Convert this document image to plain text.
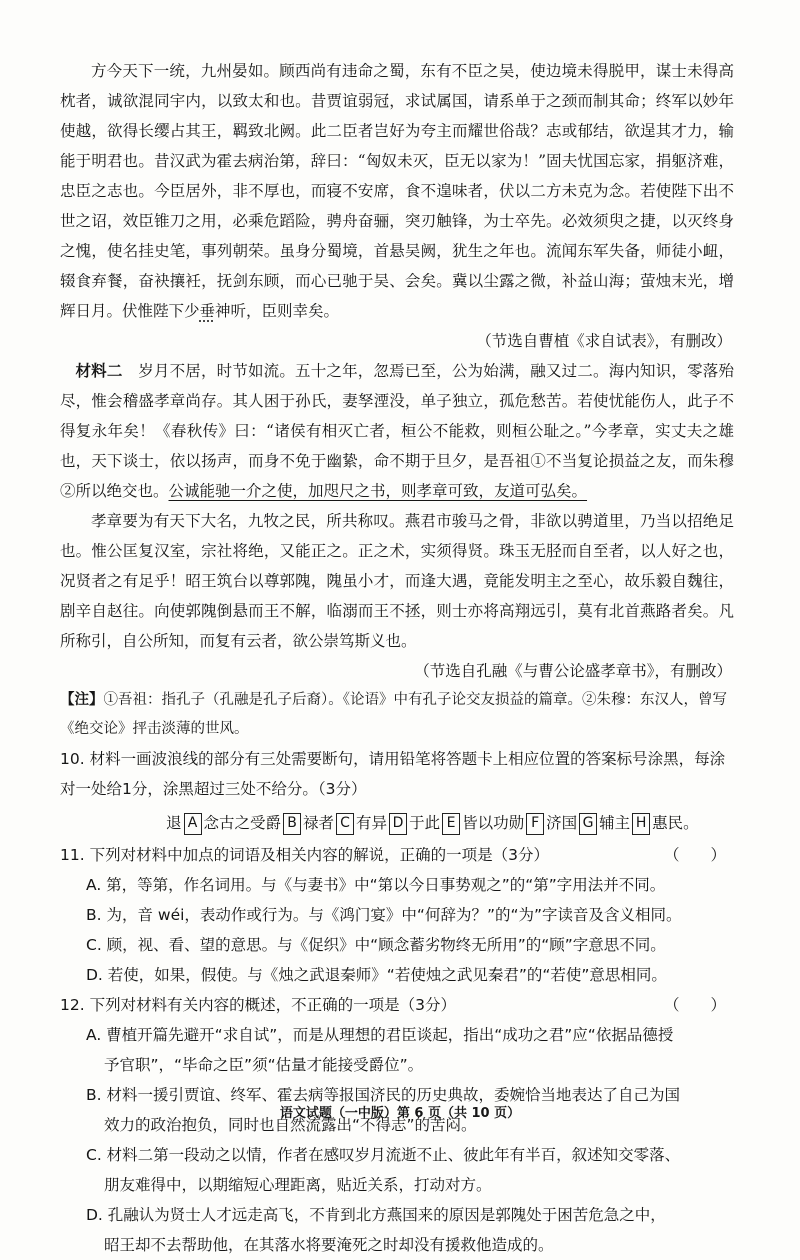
方今天下一统，九州晏如。顾西尚有违命之蜀，东有不臣之吴，使边境未得脱甲，谋士未得高枕者，诚欲混同宇内，以致太和也。昔贾谊弱冠，求试属国，请系单于之颈而制其命；终军以妙年使越，欲得长缨占其王，羁致北阙。此二臣者岂好为夸主而耀世俗哉？志或郁结，欲逞其才力，输能于明君也。昔汉武为霍去病治第，辞曰：“匈奴未灭，臣无以家为！”固夫忧国忘家，捐躯济难，忠臣之志也。今臣居外，非不厚也，而寝不安席，食不遑味者，伏以二方未克为念。若使陛下出不世之诏，效臣锥刀之用，必乘危蹈险，骋舟奋骊，突刃触锋，为士卒先。必效须臾之捷，以灭终身之愧，使名挂史笔，事列朝荣。虽身分蜀境，首悬吴阙，犹生之年也。流闻东军失备，师徒小衄，辍食弃餐，奋袂攘衽，抚剑东顾，而心已驰于吴、会矣。冀以尘露之微，补益山海；萤烛末光，增辉日月。伏惟陛下少垂神听，臣则幸矣。

（节选自曹植《求自试表》，有删改）

材料二　岁月不居，时节如流。五十之年，忽焉已至，公为始满，融又过二。海内知识，零落殆尽，惟会稽盛孝章尚存。其人困于孙氏，妻孥湮没，单子独立，孤危愁苦。若使忧能伤人，此子不得复永年矣！《春秋传》曰：“诸侯有相灭亡者，桓公不能救，则桓公耻之。”今孝章，实丈夫之雄也，天下谈士，依以扬声，而身不免于幽絷，命不期于旦夕，是吾祖①不当复论损益之友，而朱穆②所以绝交也。公诚能驰一介之使，加咫尺之书，则孝章可致，友道可弘矣。

孝章要为有天下大名，九牧之民，所共称叹。燕君市骏马之骨，非欲以骋道里，乃当以招绝足也。惟公匡复汉室，宗社将绝，又能正之。正之术，实须得贤。珠玉无胫而自至者，以人好之也，况贤者之有足乎！昭王筑台以尊郭隗，隗虽小才，而逢大遇，竟能发明主之至心，故乐毅自魏往，剧辛自赵往。向使郭隗倒悬而王不解，临溺而王不拯，则士亦将高翔远引，莫有北首燕路者矣。凡所称引，自公所知，而复有云者，欲公崇笃斯义也。

（节选自孔融《与曹公论盛孝章书》，有删改）

【注】①吾祖：指孔子（孔融是孔子后裔）。《论语》中有孔子论交友损益的篇章。②朱穆：东汉人，曾写《绝交论》抨击淡薄的世风。

10. 材料一画波浪线的部分有三处需要断句，请用铅笔将答题卡上相应位置的答案标号涂黑，每涂对一处给1分，涂黑超过三处不给分。（3分）

退 A 念古之受爵 B 禄者 C 有异 D 于此 E 皆以功勋 F 济国 G 辅主 H 惠民。
11. 下列对材料中加点的词语及相关内容的解说，正确的一项是（3分）	（　　）

A. 第，等第，作名词用。与《与妻书》中“第以今日事势观之”的“第”字用法并不同。

B. 为，音 wéi，表动作或行为。与《鸿门宴》中“何辞为？”的“为”字读音及含义相同。

C. 顾，视、看、望的意思。与《促织》中“顾念蓄劣物终无所用”的“顾”字意思不同。

D. 若使，如果，假使。与《烛之武退秦师》“若使烛之武见秦君”的“若使”意思相同。

12. 下列对材料有关内容的概述，不正确的一项是（3分）	（　　）

A. 曹植开篇先避开“求自试”，而是从理想的君臣谈起，指出“成功之君”应“依据品德授

予官职”，“毕命之臣”须“估量才能接受爵位”。

B. 材料一援引贾谊、终军、霍去病等报国济民的历史典故，委婉恰当地表达了自己为国

效力的政治抱负，同时也自然流露出“不得志”的苦闷。

C. 材料二第一段动之以情，作者在感叹岁月流逝不止、彼此年有半百，叙述知交零落、

朋友难得中，以期缩短心理距离，贴近关系，打动对方。

D. 孔融认为贤士人才远走高飞，不肯到北方燕国来的原因是郭隗处于困苦危急之中，

昭王却不去帮助他，在其落水将要淹死之时却没有援救他造成的。

语文试题（一中版）第 6 页（共 10 页）
